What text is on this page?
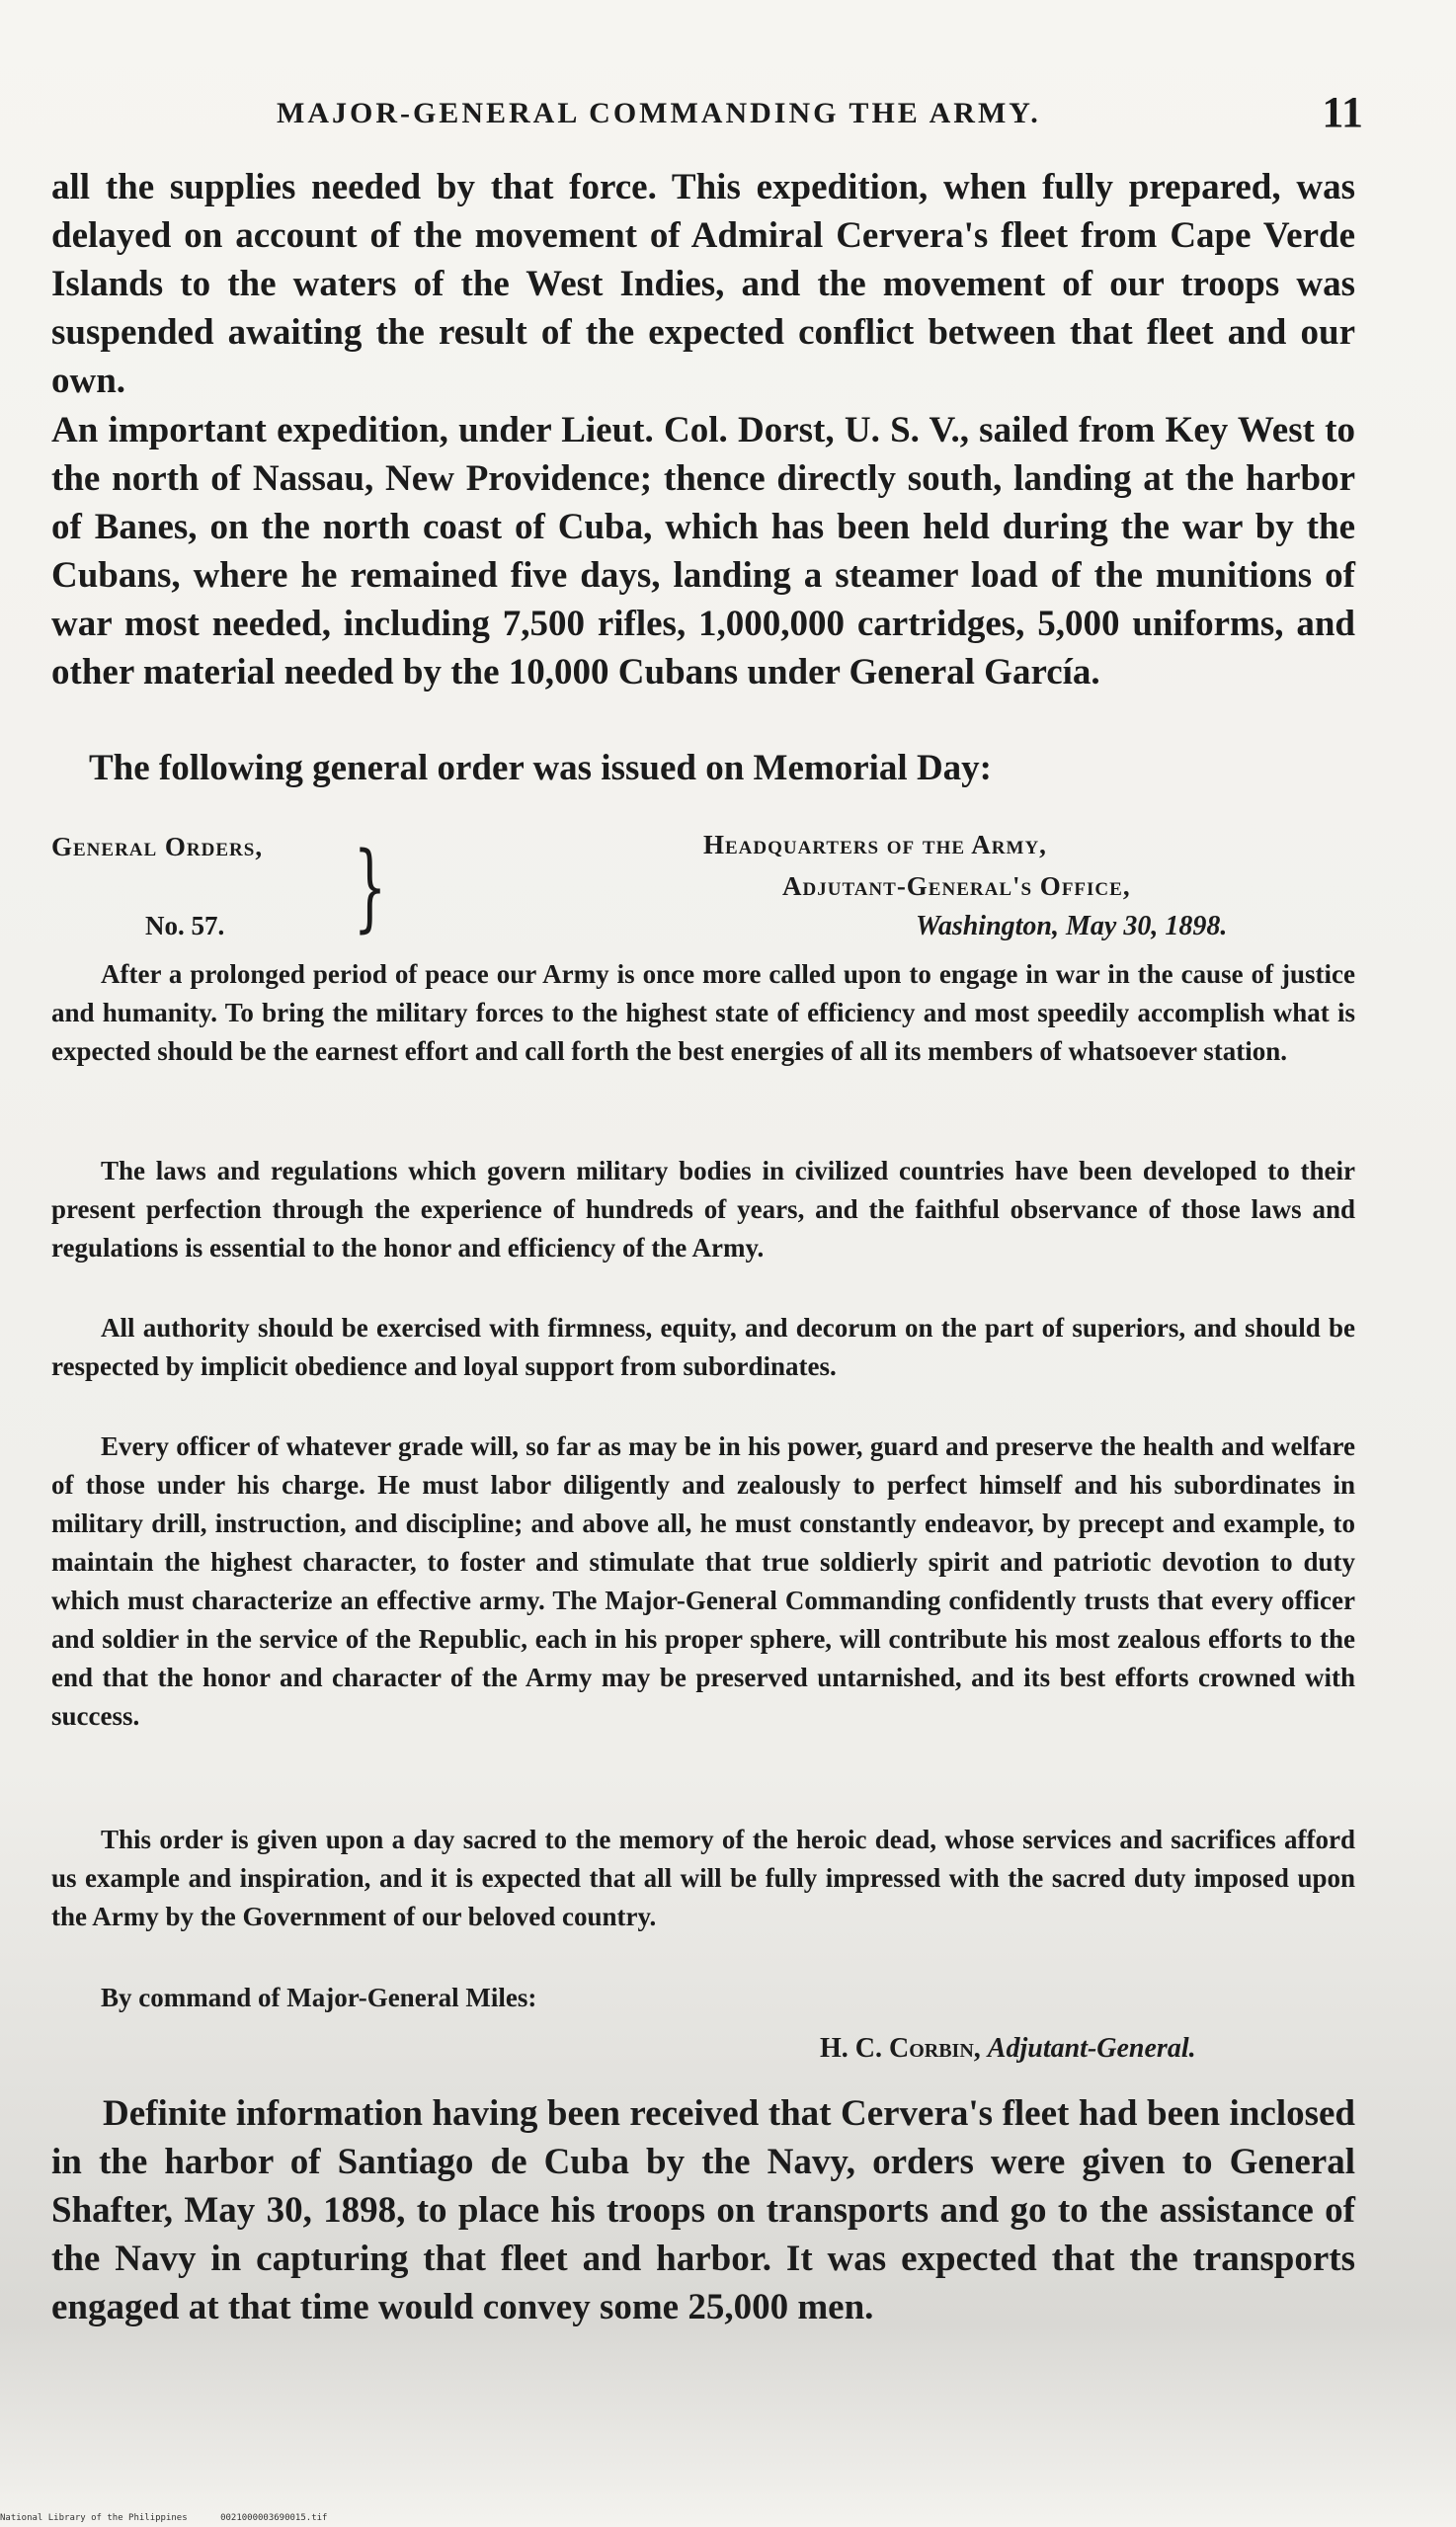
MAJOR-GENERAL COMMANDING THE ARMY.	11

all the supplies needed by that force. This expedition, when fully prepared, was delayed on account of the movement of Admiral Cervera's fleet from Cape Verde Islands to the waters of the West Indies, and the movement of our troops was suspended awaiting the result of the expected conflict between that fleet and our own.

An important expedition, under Lieut. Col. Dorst, U. S. V., sailed from Key West to the north of Nassau, New Providence; thence directly south, landing at the harbor of Banes, on the north coast of Cuba, which has been held during the war by the Cubans, where he remained five days, landing a steamer load of the munitions of war most needed, including 7,500 rifles, 1,000,000 cartridges, 5,000 uniforms, and other material needed by the 10,000 Cubans under General García.

The following general order was issued on Memorial Day:

General Orders,
No. 57. }	Headquarters of the Army,
Adjutant-General's Office,
Washington, May 30, 1898.

After a prolonged period of peace our Army is once more called upon to engage in war in the cause of justice and humanity. To bring the military forces to the highest state of efficiency and most speedily accomplish what is expected should be the earnest effort and call forth the best energies of all its members of whatsoever station.

The laws and regulations which govern military bodies in civilized countries have been developed to their present perfection through the experience of hundreds of years, and the faithful observance of those laws and regulations is essential to the honor and efficiency of the Army.

All authority should be exercised with firmness, equity, and decorum on the part of superiors, and should be respected by implicit obedience and loyal support from subordinates.

Every officer of whatever grade will, so far as may be in his power, guard and preserve the health and welfare of those under his charge. He must labor diligently and zealously to perfect himself and his subordinates in military drill, instruction, and discipline; and above all, he must constantly endeavor, by precept and example, to maintain the highest character, to foster and stimulate that true soldierly spirit and patriotic devotion to duty which must characterize an effective army. The Major-General Commanding confidently trusts that every officer and soldier in the service of the Republic, each in his proper sphere, will contribute his most zealous efforts to the end that the honor and character of the Army may be preserved untarnished, and its best efforts crowned with success.

This order is given upon a day sacred to the memory of the heroic dead, whose services and sacrifices afford us example and inspiration, and it is expected that all will be fully impressed with the sacred duty imposed upon the Army by the Government of our beloved country.

By command of Major-General Miles:

H. C. Corbin, Adjutant-General.

Definite information having been received that Cervera's fleet had been inclosed in the harbor of Santiago de Cuba by the Navy, orders were given to General Shafter, May 30, 1898, to place his troops on transports and go to the assistance of the Navy in capturing that fleet and harbor. It was expected that the transports engaged at that time would convey some 25,000 men.

National Library of the Philippines	0021000003690015.tif
